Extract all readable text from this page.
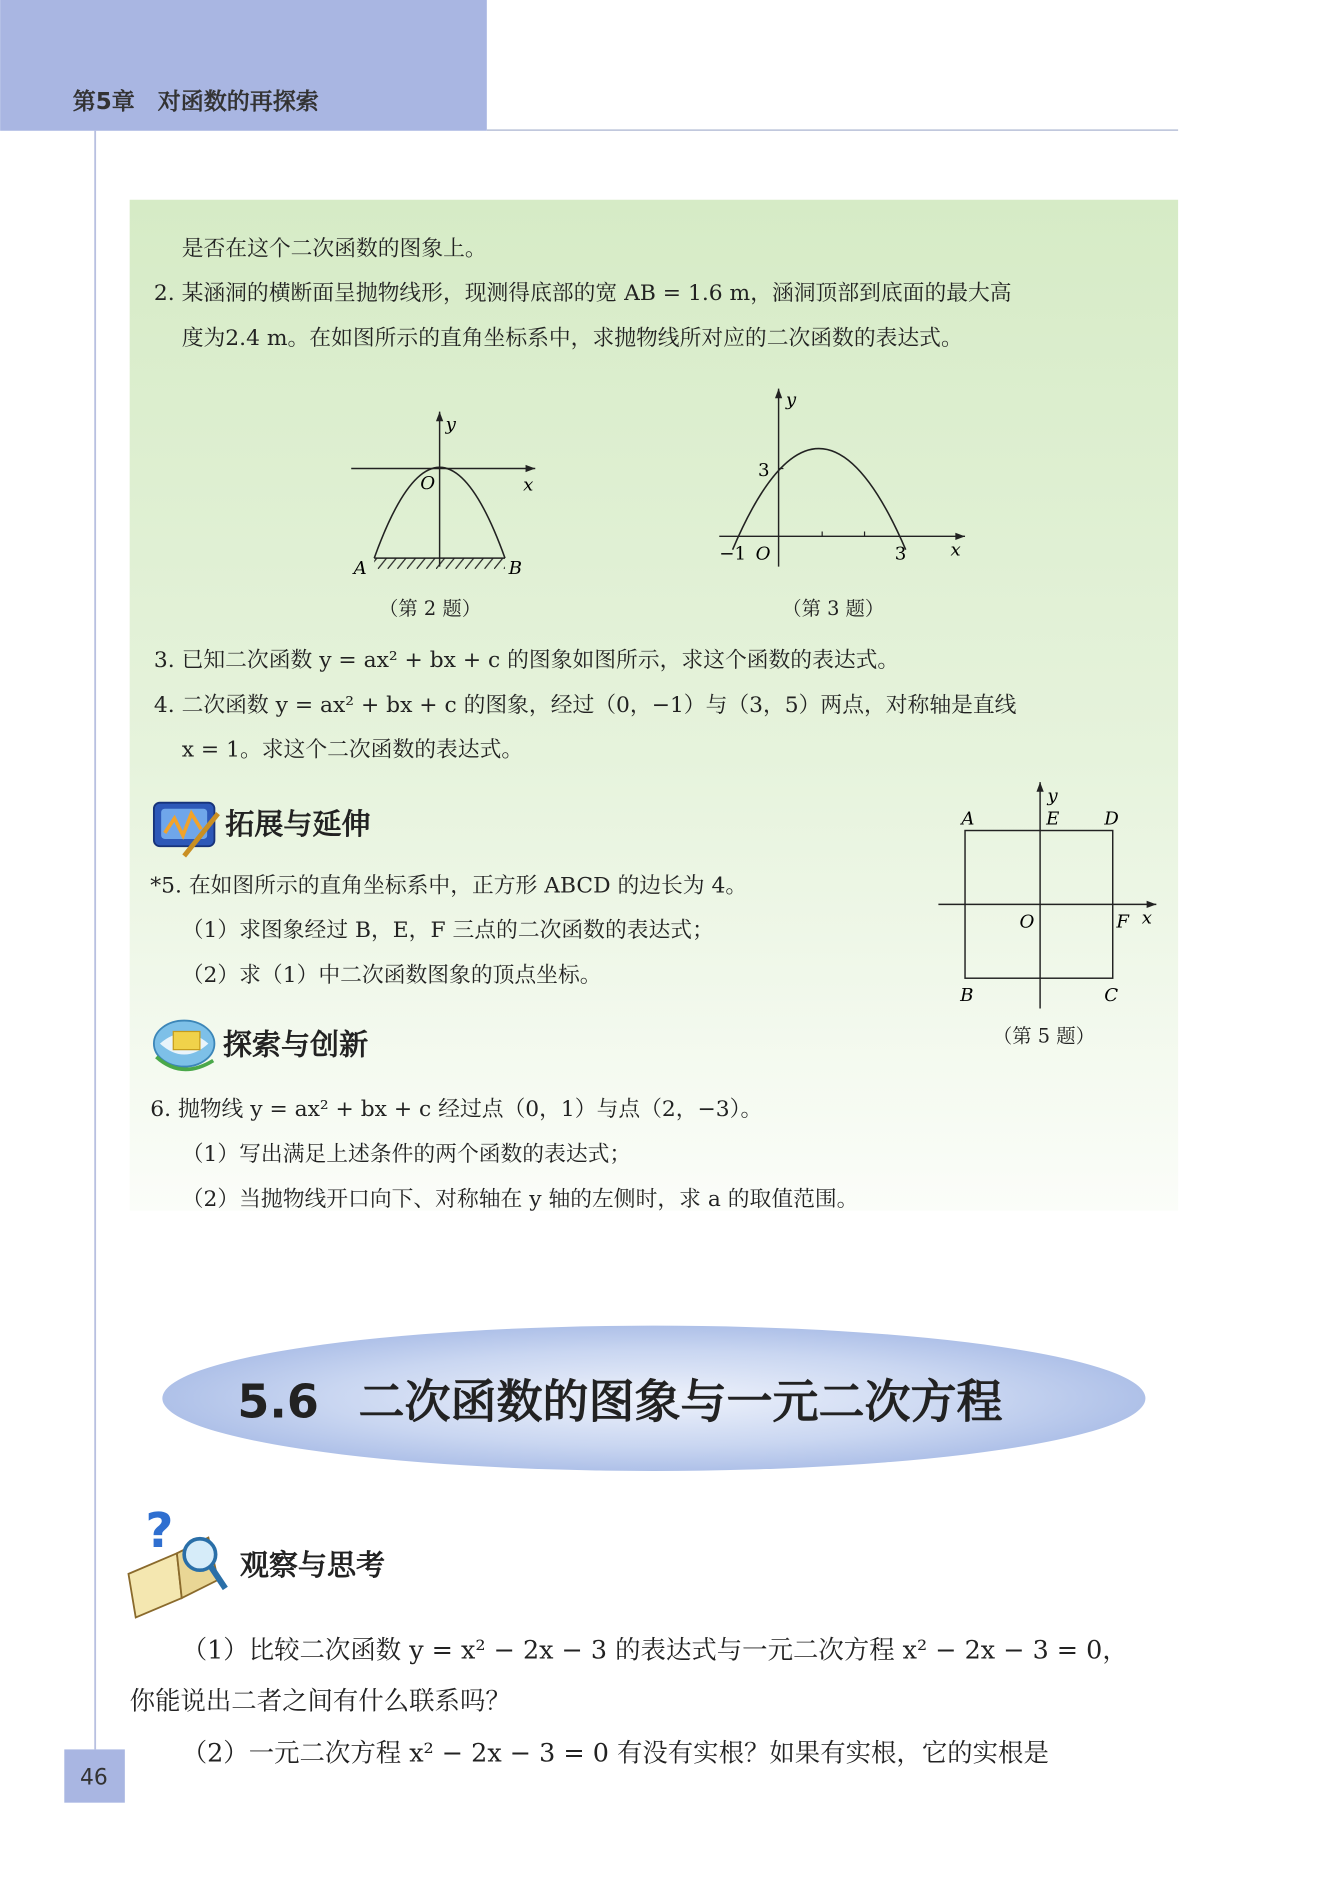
第5章　对函数的再探索
是否在这个二次函数的图象上。
2. 某涵洞的横断面呈抛物线形，现测得底部的宽 AB = 1.6 m，涵洞顶部到底面的最大高
度为2.4 m。在如图所示的直角坐标系中，求抛物线所对应的二次函数的表达式。
y
x
O
A	B
（第 2 题）
y
x
O
3
3
−1
（第 3 题）
3. 已知二次函数 y = ax² + bx + c 的图象如图所示，求这个函数的表达式。
4. 二次函数 y = ax² + bx + c 的图象，经过（0，−1）与（3，5）两点，对称轴是直线
x = 1。求这个二次函数的表达式。
拓展与延伸
*5. 在如图所示的直角坐标系中，正方形 ABCD 的边长为 4。
（1）求图象经过 B，E，F 三点的二次函数的表达式；
（2）求（1）中二次函数图象的顶点坐标。
A	E	D
y
O	F x
B	C
（第 5 题）
探索与创新
6. 抛物线 y = ax² + bx + c 经过点（0，1）与点（2，−3）。
（1）写出满足上述条件的两个函数的表达式；
（2）当抛物线开口向下、对称轴在 y 轴的左侧时，求 a 的取值范围。
5.6 二次函数的图象与一元二次方程
?
观察与思考
（1）比较二次函数 y = x² − 2x − 3 的表达式与一元二次方程 x² − 2x − 3 = 0，
你能说出二者之间有什么联系吗？
（2）一元二次方程 x² − 2x − 3 = 0 有没有实根？如果有实根，它的实根是
46
